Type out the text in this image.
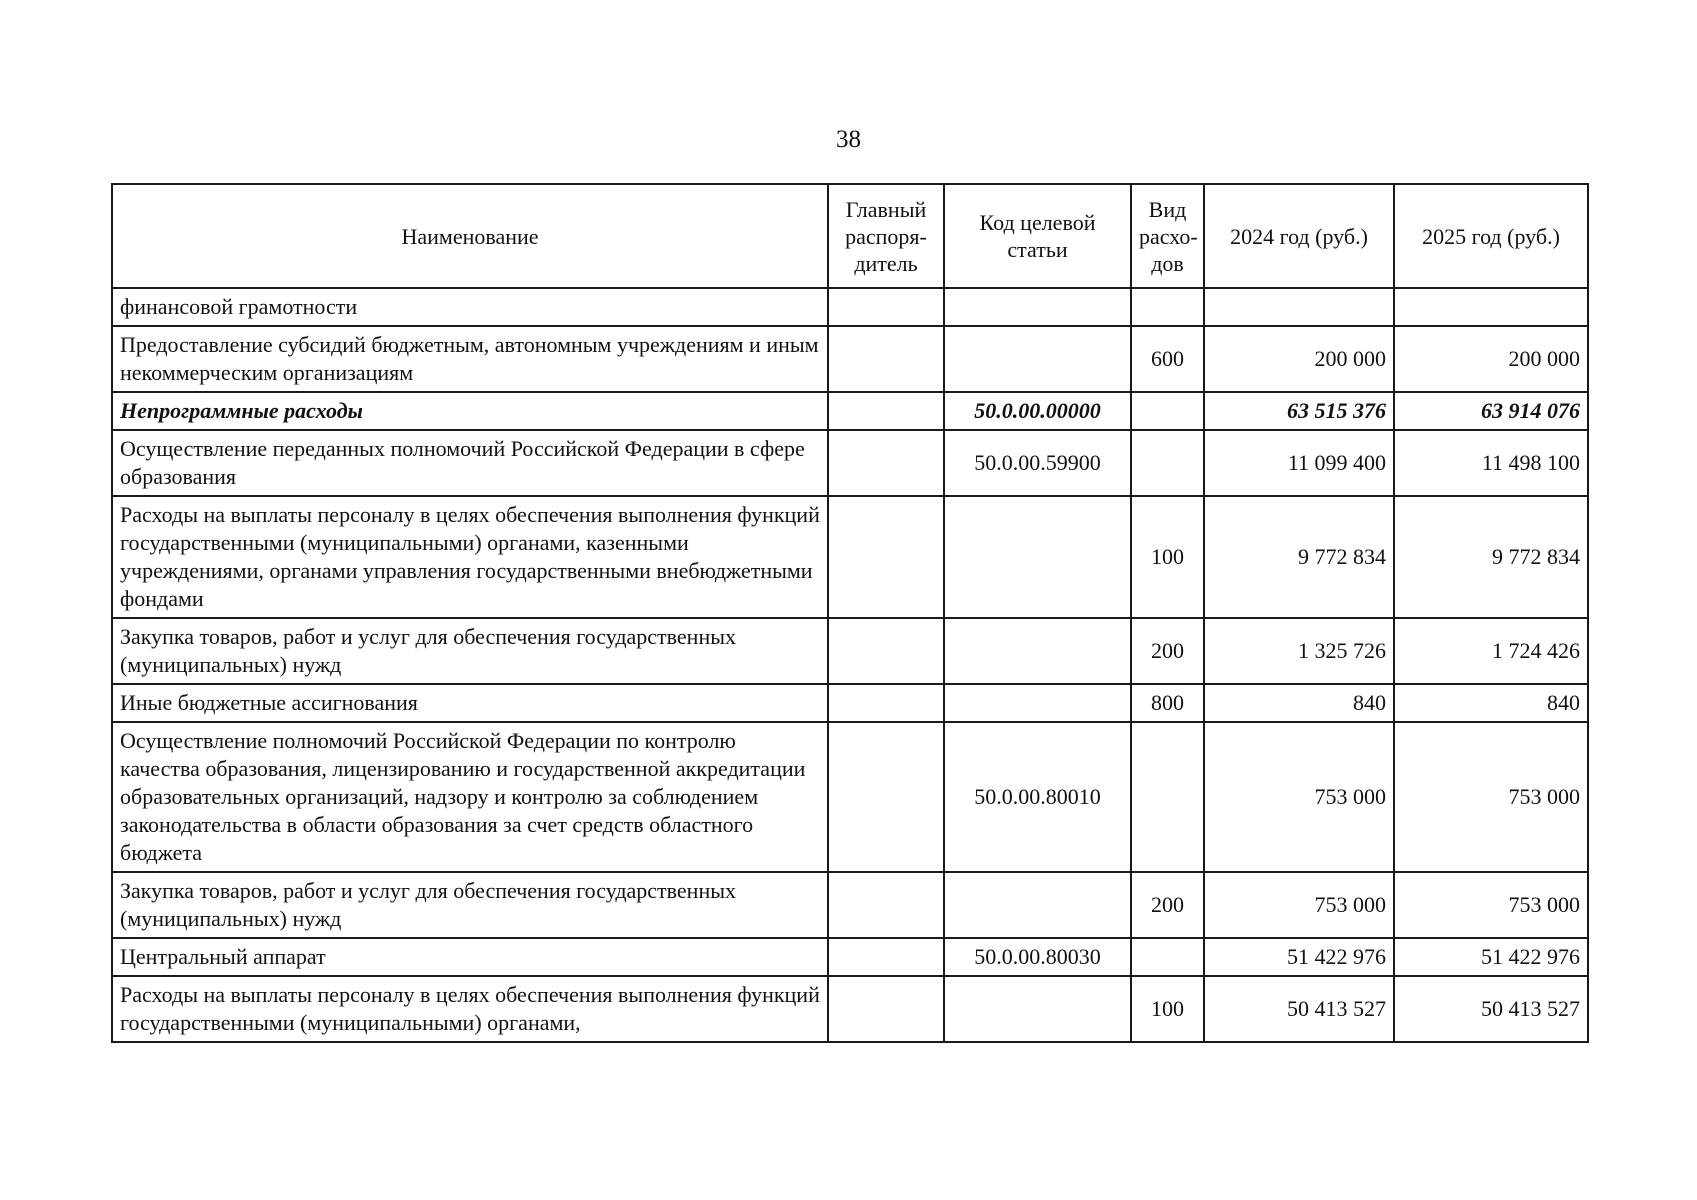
38
Наименование	Главный распоря-дитель	Код целевой статьи	Вид расхо-дов	2024 год (руб.)	2025 год (руб.)
финансовой грамотности					
Предоставление субсидий бюджетным, автономным учреждениям и иным некоммерческим организациям			600	200 000	200 000
Непрограммные расходы		50.0.00.00000		63 515 376	63 914 076
Осуществление переданных полномочий Российской Федерации в сфере образования		50.0.00.59900		11 099 400	11 498 100
Расходы на выплаты персоналу в целях обеспечения выполнения функций государственными (муниципальными) органами, казенными учреждениями, органами управления государственными внебюджетными фондами			100	9 772 834	9 772 834
Закупка товаров, работ и услуг для обеспечения государственных (муниципальных) нужд			200	1 325 726	1 724 426
Иные бюджетные ассигнования			800	840	840
Осуществление полномочий Российской Федерации по контролю качества образования, лицензированию и государственной аккредитации образовательных организаций, надзору и контролю за соблюдением законодательства в области образования за счет средств областного бюджета		50.0.00.80010		753 000	753 000
Закупка товаров, работ и услуг для обеспечения государственных (муниципальных) нужд			200	753 000	753 000
Центральный аппарат		50.0.00.80030		51 422 976	51 422 976
Расходы на выплаты персоналу в целях обеспечения выполнения функций государственными (муниципальными) органами,			100	50 413 527	50 413 527
